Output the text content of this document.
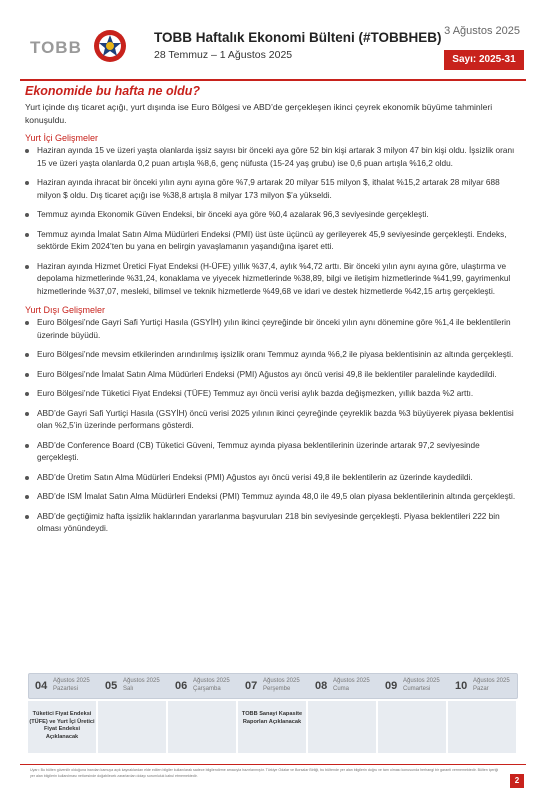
TOBB
TOBB Haftalık Ekonomi Bülteni (#TOBBHEB)
28 Temmuz – 1 Ağustos 2025
3 Ağustos 2025
Sayı: 2025-31
Ekonomide bu hafta ne oldu?

Yurt içinde dış ticaret açığı, yurt dışında ise Euro Bölgesi ve ABD’de gerçekleşen ikinci çeyrek ekonomik büyüme tahminleri konuşuldu.

Yurt İçi Gelişmeler
Haziran ayında 15 ve üzeri yaşta olanlarda işsiz sayısı bir önceki aya göre 52 bin kişi artarak 3 milyon 47 bin kişi oldu. İşsizlik oranı 15 ve üzeri yaşta olanlarda 0,2 puan artışla %8,6, genç nüfusta (15-24 yaş grubu) ise 0,6 puan artışla %16,2 oldu.
Haziran ayında ihracat bir önceki yılın aynı ayına göre %7,9 artarak 20 milyar 515 milyon $, ithalat %15,2 artarak 28 milyar 688 milyon $ oldu. Dış ticaret açığı ise %38,8 artışla 8 milyar 173 milyon $’a yükseldi.
Temmuz ayında Ekonomik Güven Endeksi, bir önceki aya göre %0,4 azalarak 96,3 seviyesinde gerçekleşti.
Temmuz ayında İmalat Satın Alma Müdürleri Endeksi (PMI) üst üste üçüncü ay gerileyerek 45,9 seviyesinde gerçekleşti. Endeks, sektörde Ekim 2024’ten bu yana en belirgin yavaşlamanın yaşandığına işaret etti.
Haziran ayında Hizmet Üretici Fiyat Endeksi (H-ÜFE) yıllık %37,4, aylık %4,72 arttı. Bir önceki yılın aynı ayına göre, ulaştırma ve depolama hizmetlerinde %31,24, konaklama ve yiyecek hizmetlerinde %38,89, bilgi ve iletişim hizmetlerinde %41,99, gayrimenkul hizmetlerinde %37,07, mesleki, bilimsel ve teknik hizmetlerde %49,68 ve idari ve destek hizmetlerde %42,15 artış gerçekleşti.
Yurt Dışı Gelişmeler
Euro Bölgesi’nde Gayri Safi Yurtiçi Hasıla (GSYİH) yılın ikinci çeyreğinde bir önceki yılın aynı dönemine göre %1,4 ile beklentilerin üzerinde büyüdü.
Euro Bölgesi’nde mevsim etkilerinden arındırılmış işsizlik oranı Temmuz ayında %6,2 ile piyasa beklentisinin az altında gerçekleşti.
Euro Bölgesi’nde İmalat Satın Alma Müdürleri Endeksi (PMI) Ağustos ayı öncü verisi 49,8 ile beklentiler paralelinde kaydedildi.
Euro Bölgesi’nde Tüketici Fiyat Endeksi (TÜFE) Temmuz ayı öncü verisi aylık bazda değişmezken, yıllık bazda %2 arttı.
ABD’de Gayri Safi Yurtiçi Hasıla (GSYİH) öncü verisi 2025 yılının ikinci çeyreğinde çeyreklik bazda %3 büyüyerek piyasa beklentisi olan %2,5’in üzerinde performans gösterdi.
ABD’de Conference Board (CB) Tüketici Güveni, Temmuz ayında piyasa beklentilerinin üzerinde artarak 97,2 seviyesinde gerçekleşti.
ABD’de Üretim Satın Alma Müdürleri Endeksi (PMI) Ağustos ayı öncü verisi 49,8 ile beklentilerin az üzerinde kaydedildi.
ABD’de ISM İmalat Satın Alma Müdürleri Endeksi (PMI) Temmuz ayında 48,0 ile 49,5 olan piyasa beklentilerinin altında gerçekleşti.
ABD’de geçtiğimiz hafta işsizlik haklarından yararlanma başvuruları 218 bin seviyesinde gerçekleşti. Piyasa beklentileri 222 bin olması yönündeydi.
04 Ağustos 2025
Pazartesi 05 Ağustos 2025
Salı	06 Ağustos 2025
Çarşamba 07 Ağustos 2025
Perşembe 08 Ağustos 2025
Cuma	09 Ağustos 2025
Cumartesi 10 Ağustos 2025
Pazar
Tüketici Fiyat Endeksi (TÜFE) ve Yurt İçi Üretici Fiyat Endeksi Açıklanacak
TOBB Sanayi Kapasite Raporları Açıklanacak
Uyarı: Bu bülten güvenilir olduğuna inanılan kamuya açık kaynaklardan elde edilen bilgiler kullanılarak sadece bilgilendirme amacıyla hazırlanmıştır. Türkiye Odalar ve Borsalar Birliği, bu bültende yer alan bilgilerin doğru ve tam olması konusunda herhangi bir garanti vermemektedir. Bülten içeriği yer alan bilgilerin kullanılması neticesinde doğabilecek zararlardan dolayı sorumluluk kabul etmemektedir.
2
